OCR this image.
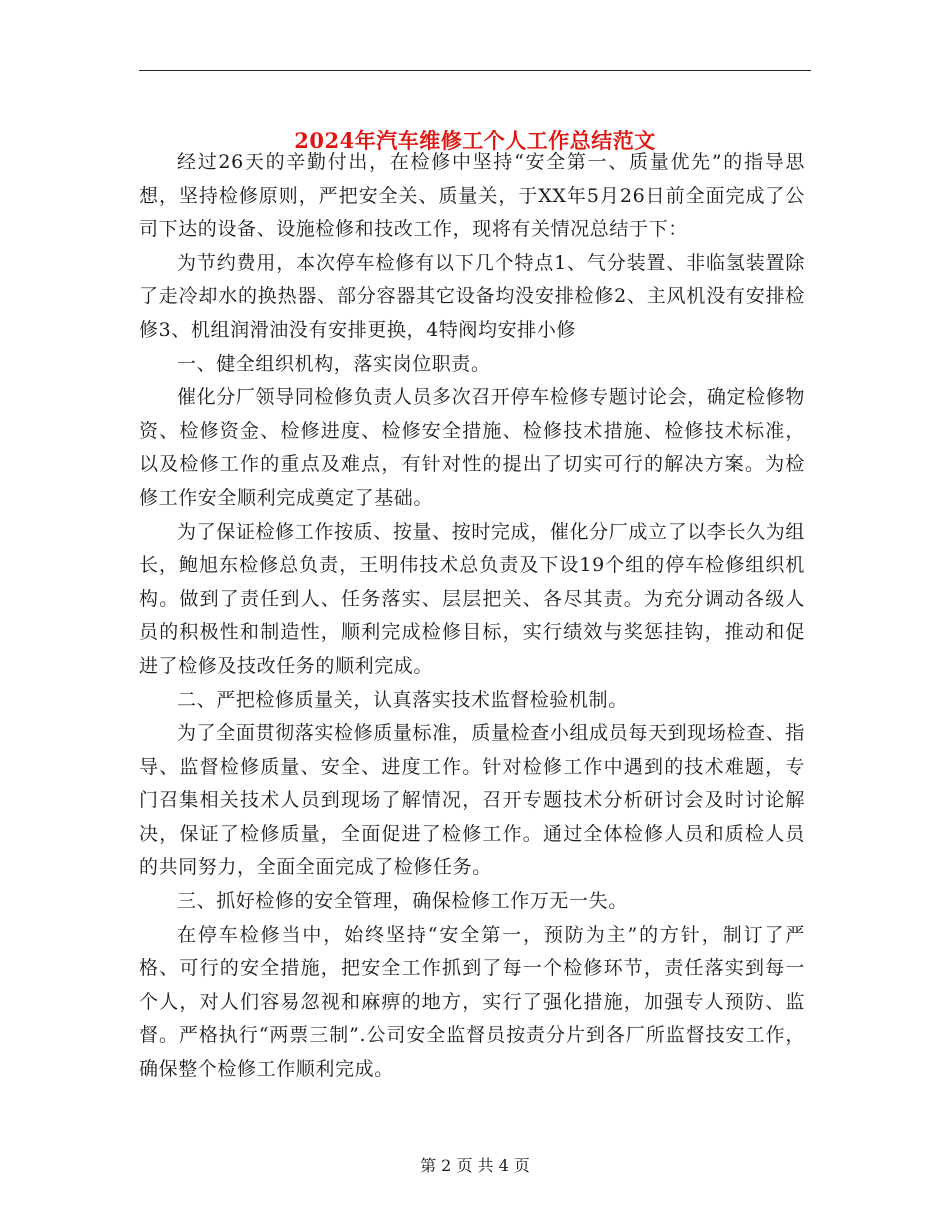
2024年汽车维修工个人工作总结范文

经过26天的辛勤付出，在检修中坚持“安全第一、质量优先”的指导思想，坚持检修原则，严把安全关、质量关，于XX年5月26日前全面完成了公司下达的设备、设施检修和技改工作，现将有关情况总结于下：

为节约费用，本次停车检修有以下几个特点1、气分装置、非临氢装置除了走冷却水的换热器、部分容器其它设备均没安排检修2、主风机没有安排检修3、机组润滑油没有安排更换，4特阀均安排小修

一、健全组织机构，落实岗位职责。

催化分厂领导同检修负责人员多次召开停车检修专题讨论会，确定检修物资、检修资金、检修进度、检修安全措施、检修技术措施、检修技术标准，以及检修工作的重点及难点，有针对性的提出了切实可行的解决方案。为检修工作安全顺利完成奠定了基础。

为了保证检修工作按质、按量、按时完成，催化分厂成立了以李长久为组长，鲍旭东检修总负责，王明伟技术总负责及下设19个组的停车检修组织机构。做到了责任到人、任务落实、层层把关、各尽其责。为充分调动各级人员的积极性和制造性，顺利完成检修目标，实行绩效与奖惩挂钩，推动和促进了检修及技改任务的顺利完成。

二、严把检修质量关，认真落实技术监督检验机制。

为了全面贯彻落实检修质量标准，质量检查小组成员每天到现场检查、指导、监督检修质量、安全、进度工作。针对检修工作中遇到的技术难题，专门召集相关技术人员到现场了解情况，召开专题技术分析研讨会及时讨论解决，保证了检修质量，全面促进了检修工作。通过全体检修人员和质检人员的共同努力，全面全面完成了检修任务。

三、抓好检修的安全管理，确保检修工作万无一失。

在停车检修当中，始终坚持“安全第一，预防为主”的方针，制订了严格、可行的安全措施，把安全工作抓到了每一个检修环节，责任落实到每一个人，对人们容易忽视和麻痹的地方，实行了强化措施，加强专人预防、监督。严格执行“两票三制”.公司安全监督员按责分片到各厂所监督技安工作，确保整个检修工作顺利完成。

第 2 页 共 4 页
